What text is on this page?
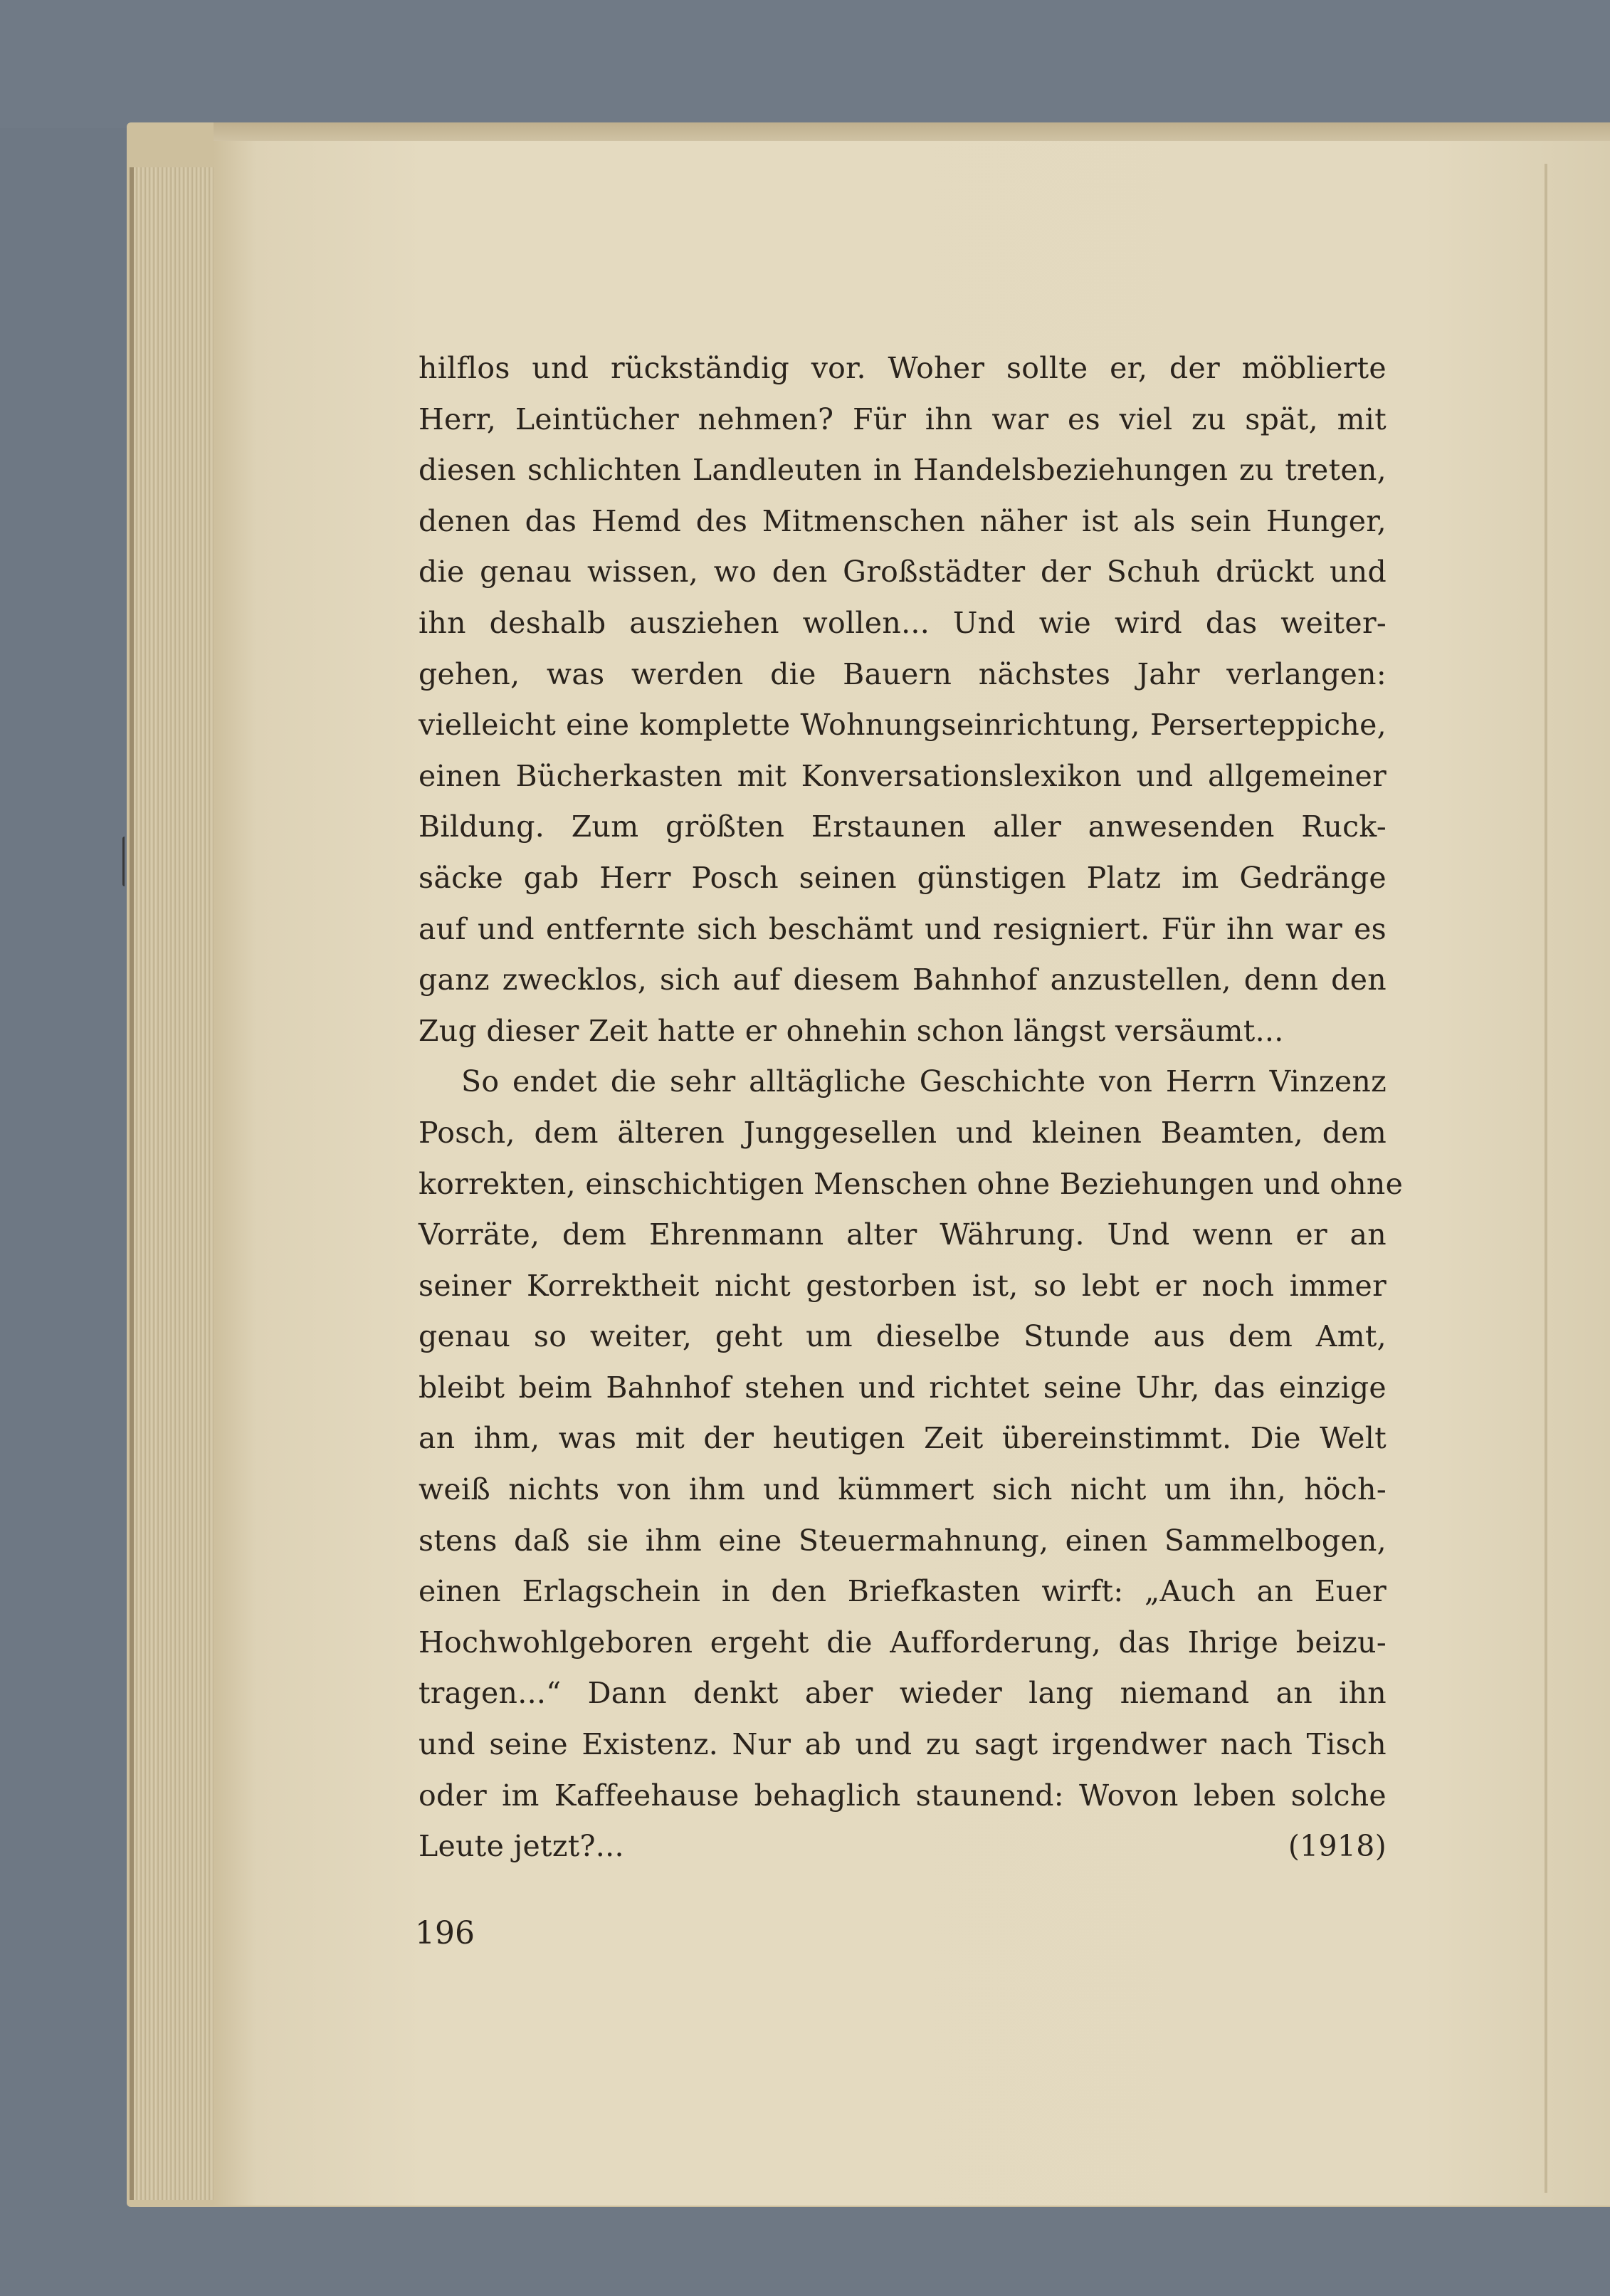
hilflos und rückständig vor. Woher sollte er, der möblierte
Herr, Leintücher nehmen? Für ihn war es viel zu spät, mit
diesen schlichten Landleuten in Handelsbeziehungen zu treten,
denen das Hemd des Mitmenschen näher ist als sein Hunger,
die genau wissen, wo den Großstädter der Schuh drückt und
ihn deshalb ausziehen wollen... Und wie wird das weiter-
gehen, was werden die Bauern nächstes Jahr verlangen:
vielleicht eine komplette Wohnungseinrichtung, Perserteppiche,
einen Bücherkasten mit Konversationslexikon und allgemeiner
Bildung. Zum größten Erstaunen aller anwesenden Ruck-
säcke gab Herr Posch seinen günstigen Platz im Gedränge
auf und entfernte sich beschämt und resigniert. Für ihn war es
ganz zwecklos, sich auf diesem Bahnhof anzustellen, denn den
Zug dieser Zeit hatte er ohnehin schon längst versäumt...
So endet die sehr alltägliche Geschichte von Herrn Vinzenz
Posch, dem älteren Junggesellen und kleinen Beamten, dem
korrekten, einschichtigen Menschen ohne Beziehungen und ohne
Vorräte, dem Ehrenmann alter Währung. Und wenn er an
seiner Korrektheit nicht gestorben ist, so lebt er noch immer
genau so weiter, geht um dieselbe Stunde aus dem Amt,
bleibt beim Bahnhof stehen und richtet seine Uhr, das einzige
an ihm, was mit der heutigen Zeit übereinstimmt. Die Welt
weiß nichts von ihm und kümmert sich nicht um ihn, höch-
stens daß sie ihm eine Steuermahnung, einen Sammelbogen,
einen Erlagschein in den Briefkasten wirft: „Auch an Euer
Hochwohlgeboren ergeht die Aufforderung, das Ihrige beizu-
tragen...“ Dann denkt aber wieder lang niemand an ihn
und seine Existenz. Nur ab und zu sagt irgendwer nach Tisch
oder im Kaffeehause behaglich staunend: Wovon leben solche
Leute jetzt?...	(1918)
196
